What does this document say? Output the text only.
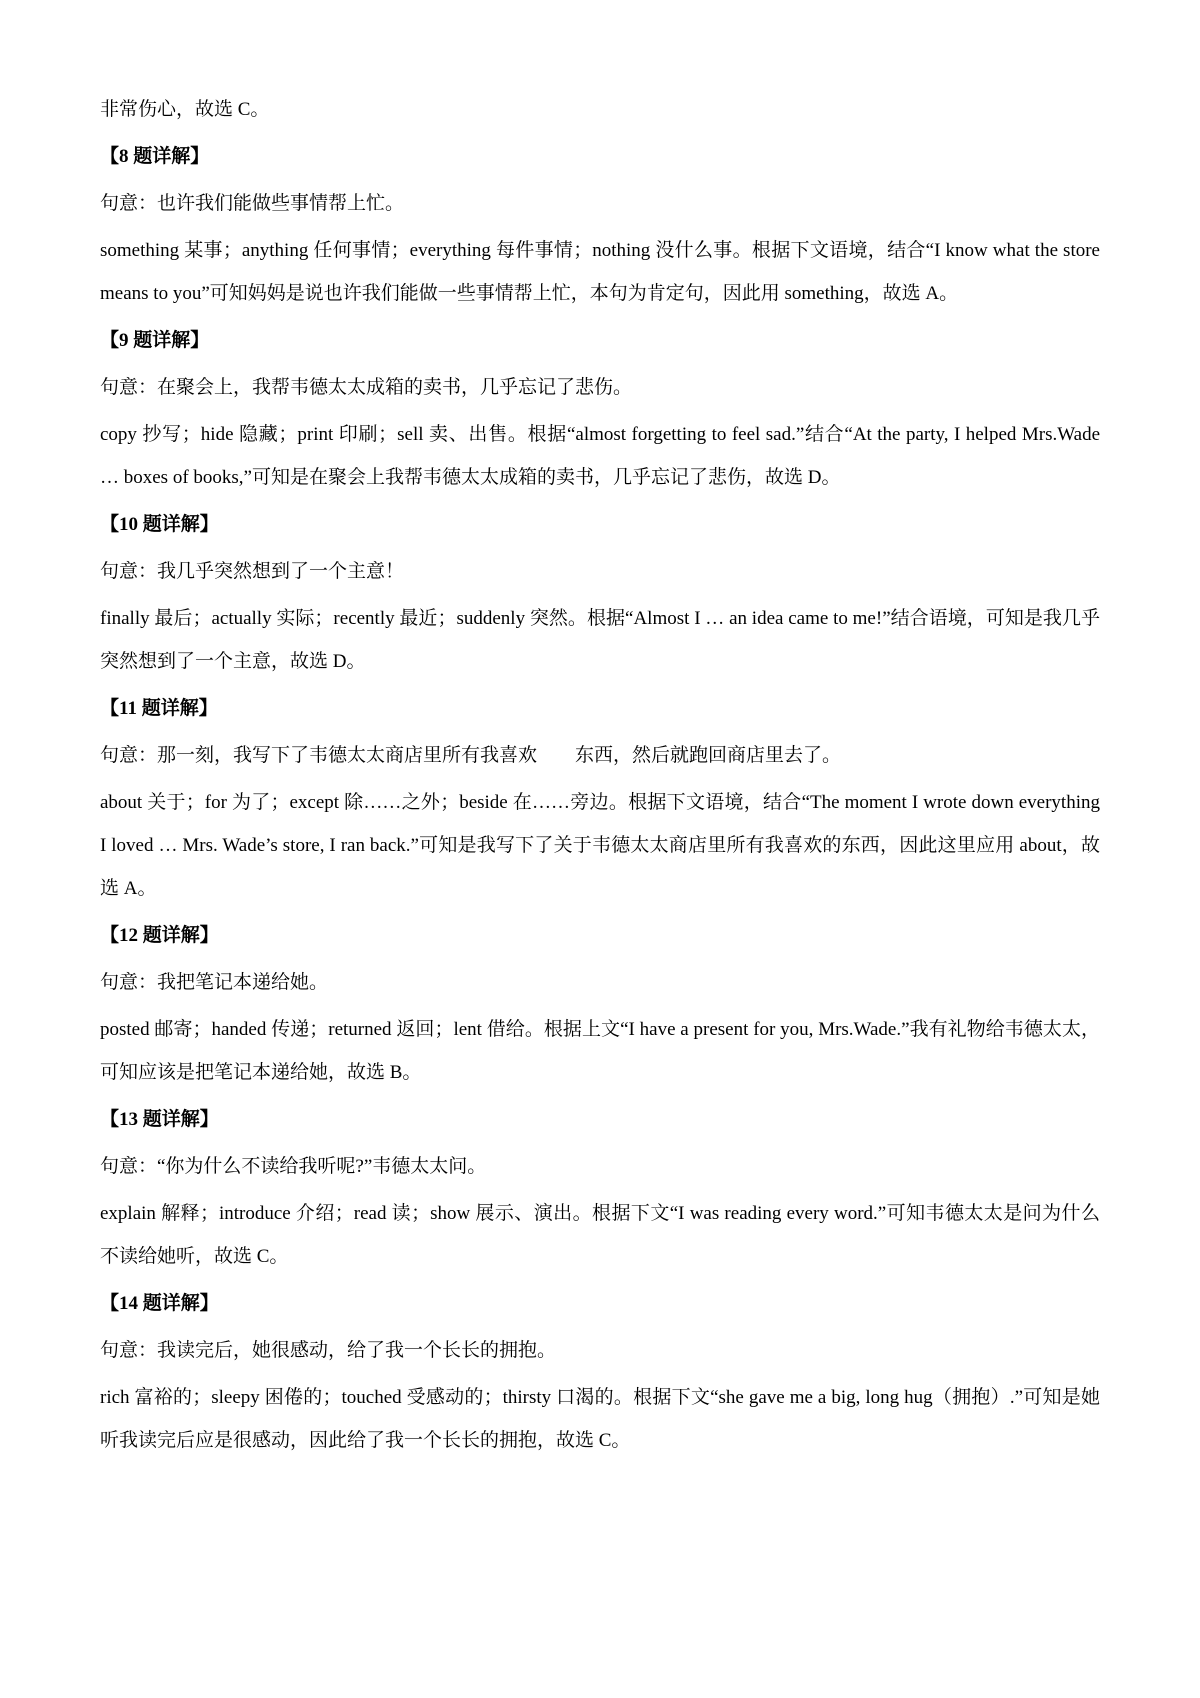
非常伤心，故选 C。
【8 题详解】
句意：也许我们能做些事情帮上忙。
something 某事；anything 任何事情；everything 每件事情；nothing 没什么事。根据下文语境，结合“I know what the store means to you”可知妈妈是说也许我们能做一些事情帮上忙，本句为肯定句，因此用 something，故选 A。
【9 题详解】
句意：在聚会上，我帮韦德太太成箱的卖书，几乎忘记了悲伤。
copy 抄写；hide 隐藏；print 印刷；sell 卖、出售。根据“almost forgetting to feel sad.”结合“At the party, I helped Mrs.Wade … boxes of books,”可知是在聚会上我帮韦德太太成箱的卖书，几乎忘记了悲伤，故选 D。
【10 题详解】
句意：我几乎突然想到了一个主意！
finally 最后；actually 实际；recently 最近；suddenly 突然。根据“Almost I … an idea came to me!”结合语境，可知是我几乎突然想到了一个主意，故选 D。
【11 题详解】
句意：那一刻，我写下了韦德太太商店里所有我喜欢　　东西，然后就跑回商店里去了。
about 关于；for 为了；except 除……之外；beside 在……旁边。根据下文语境，结合“The moment I wrote down everything I loved … Mrs. Wade’s store, I ran back.”可知是我写下了关于韦德太太商店里所有我喜欢的东西，因此这里应用 about，故选 A。
【12 题详解】
句意：我把笔记本递给她。
posted 邮寄；handed 传递；returned 返回；lent 借给。根据上文“I have a present for you, Mrs.Wade.”我有礼物给韦德太太，可知应该是把笔记本递给她，故选 B。
【13 题详解】
句意：“你为什么不读给我听呢?”韦德太太问。
explain 解释；introduce 介绍；read 读；show 展示、演出。根据下文“I was reading every word.”可知韦德太太是问为什么不读给她听，故选 C。
【14 题详解】
句意：我读完后，她很感动，给了我一个长长的拥抱。
rich 富裕的；sleepy 困倦的；touched 受感动的；thirsty 口渴的。根据下文“she gave me a big, long hug（拥抱）.”可知是她听我读完后应是很感动，因此给了我一个长长的拥抱，故选 C。
